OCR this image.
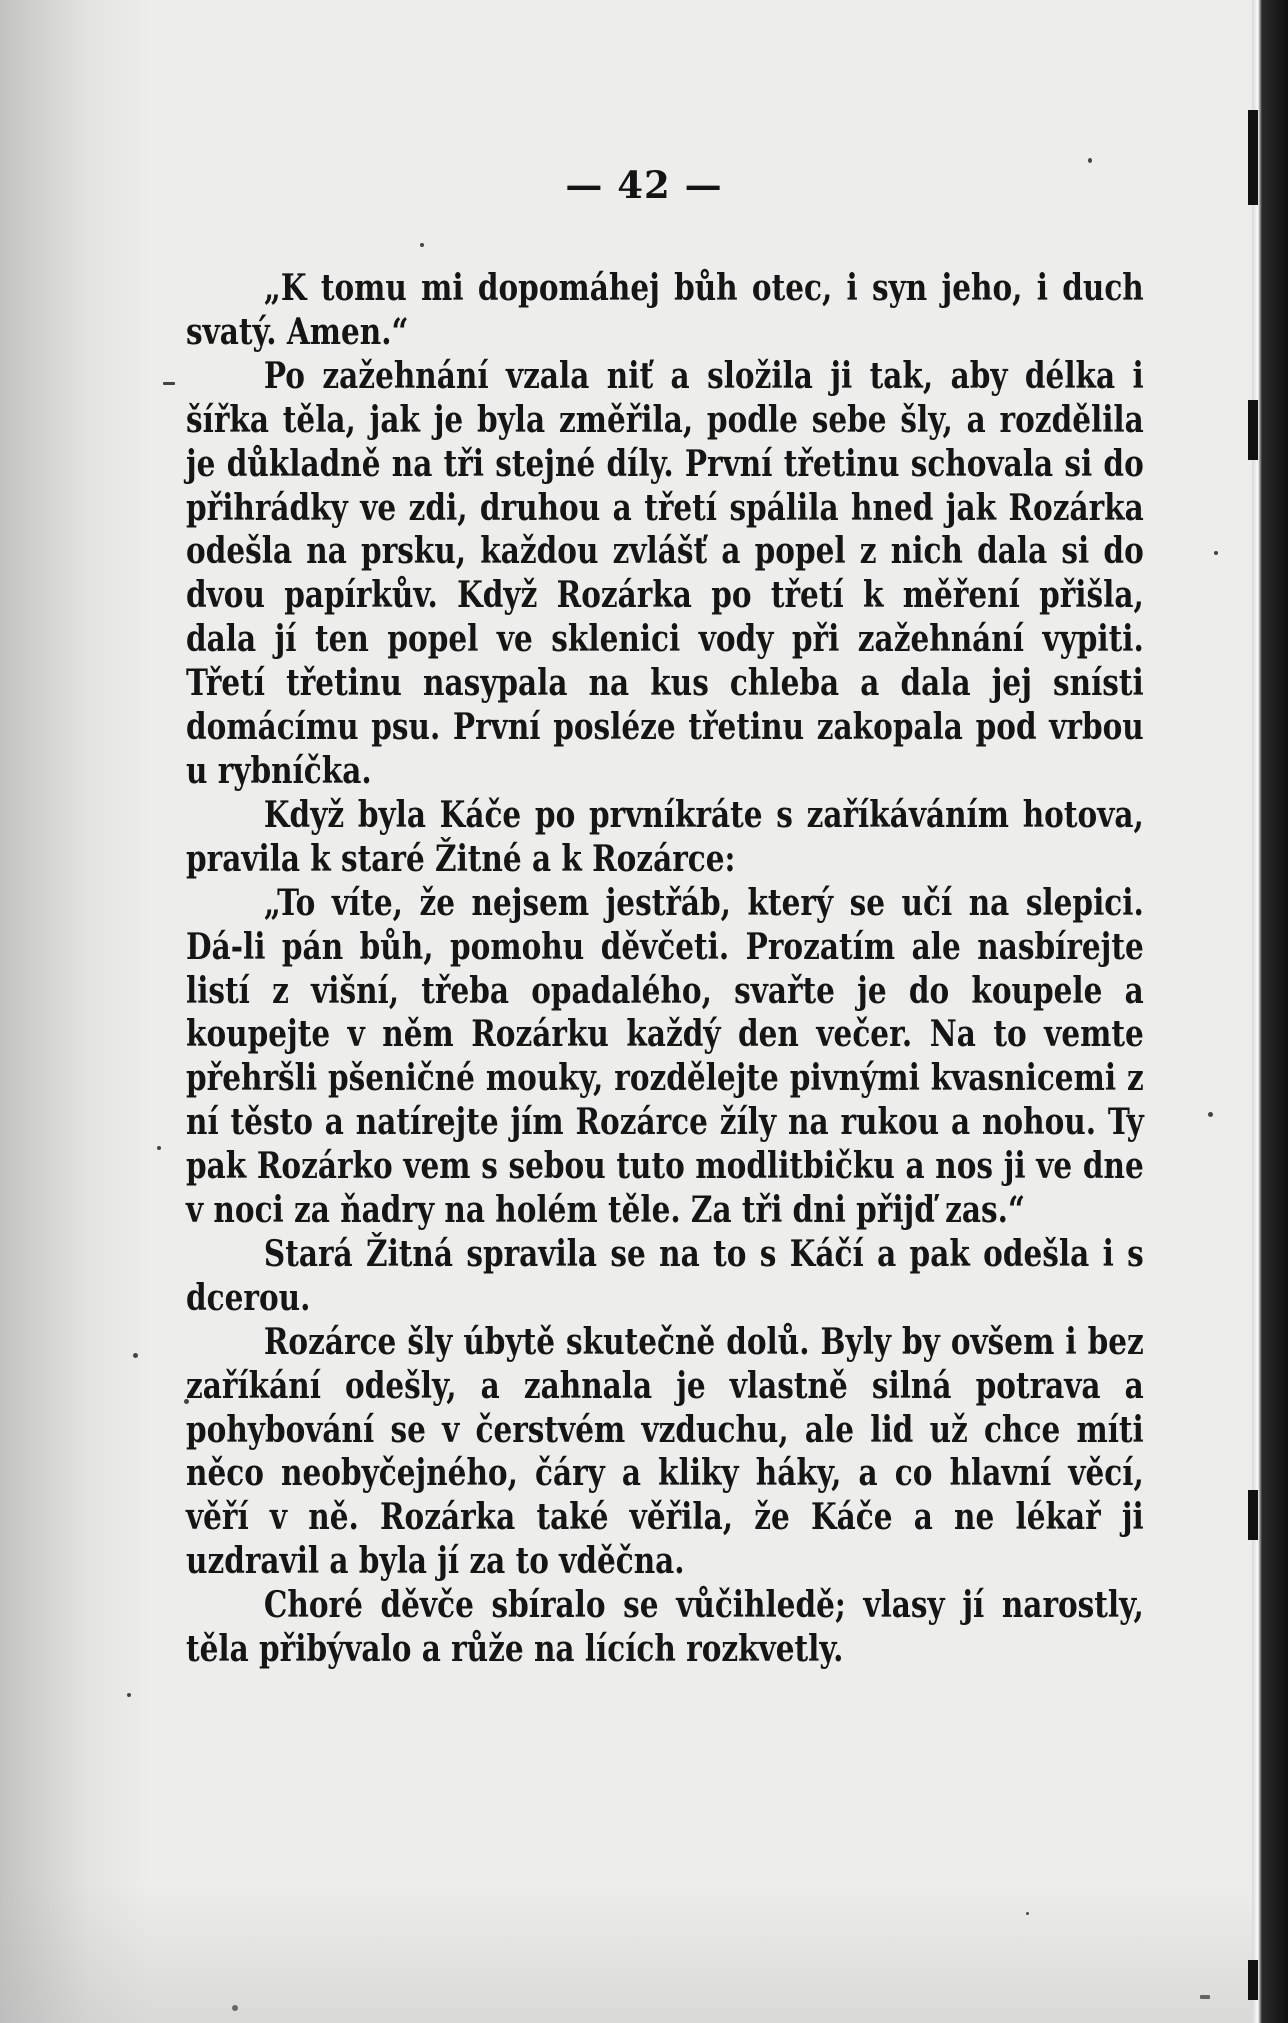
— 42 —

„K tomu mi dopomáhej bůh otec, i syn jeho, i duch svatý. Amen.“

Po zažehnání vzala niť a složila ji tak, aby délka i šířka těla, jak je byla změřila, podle sebe šly, a rozdělila je důkladně na tři stejné díly. První třetinu schovala si do přihrádky ve zdi, druhou a třetí spálila hned jak Rozárka odešla na prsku, každou zvlášť a popel z nich dala si do dvou papírkův. Když Rozárka po třetí k měření přišla, dala jí ten popel ve sklenici vody při zažehnání vypiti. Třetí třetinu nasypala na kus chleba a dala jej snísti domácímu psu. První posléze třetinu zakopala pod vrbou u rybníčka.

Když byla Káče po prvníkráte s zaříkáváním hotova, pravila k staré Žitné a k Rozárce:

„To víte, že nejsem jestřáb, který se učí na slepici. Dá-li pán bůh, pomohu děvčeti. Prozatím ale nasbírejte listí z višní, třeba opadalého, svařte je do koupele a koupejte v něm Rozárku každý den večer. Na to vemte přehršli pšeničné mouky, rozdělejte pivnými kvasnicemi z ní těsto a natírejte jím Rozárce žíly na rukou a nohou. Ty pak Rozárko vem s sebou tuto modlitbičku a nos ji ve dne v noci za ňadry na holém těle. Za tři dni přijď zas.“

Stará Žitná spravila se na to s Káčí a pak odešla i s dcerou.

Rozárce šly úbytě skutečně dolů. Byly by ovšem i bez zaříkání odešly, a zahnala je vlastně silná potrava a pohybování se v čerstvém vzduchu, ale lid už chce míti něco neobyčejného, čáry a kliky háky, a co hlavní věcí, věří v ně. Rozárka také věřila, že Káče a ne lékař ji uzdravil a byla jí za to vděčna.

Choré děvče sbíralo se vůčihledě; vlasy jí narostly, těla přibývalo a růže na lících rozkvetly.
